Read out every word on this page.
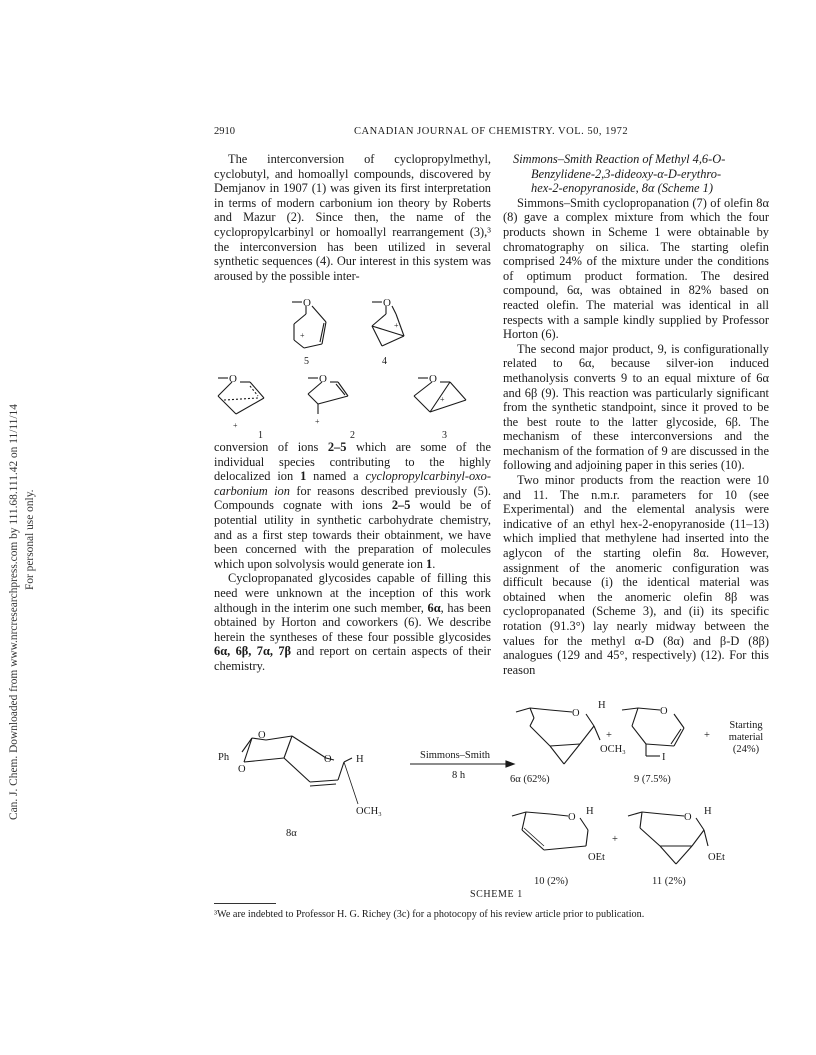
2910	CANADIAN JOURNAL OF CHEMISTRY. VOL. 50, 1972
Can. J. Chem. Downloaded from www.nrcresearchpress.com by 111.68.111.42 on 11/11/14 For personal use only.

The interconversion of cyclopropylmethyl, cyclobutyl, and homoallyl compounds, discovered by Demjanov in 1907 (1) was given its first interpretation in terms of modern carbonium ion theory by Roberts and Mazur (2). Since then, the name of the cyclopropylcarbinyl or homoallyl rearrangement (3),³ the interconversion has been utilized in several synthetic sequences (4). Our interest in this system was aroused by the possible inter-

O
+
O
+
O
+
O
+
O
+
5	4
1	2	3

conversion of ions 2–5 which are some of the individual species contributing to the highly delocalized ion 1 named a cyclopropylcarbinyl-oxo-carbonium ion for reasons described previously (5). Compounds cognate with ions 2–5 would be of potential utility in synthetic carbohydrate chemistry, and as a first step towards their obtainment, we have been concerned with the preparation of molecules which upon solvolysis would generate ion 1.

Cyclopropanated glycosides capable of filling this need were unknown at the inception of this work although in the interim one such member, 6α, has been obtained by Horton and coworkers (6). We describe herein the syntheses of these four possible glycosides 6α, 6β, 7α, 7β and report on certain aspects of their chemistry.

Simmons–Smith Reaction of Methyl 4,6-O-
Benzylidene-2,3-dideoxy-α-D-erythro-
hex-2-enopyranoside, 8α (Scheme 1)

Simmons–Smith cyclopropanation (7) of olefin 8α (8) gave a complex mixture from which the four products shown in Scheme 1 were obtainable by chromatography on silica. The starting olefin comprised 24% of the mixture under the conditions of optimum product formation. The desired compound, 6α, was obtained in 82% based on reacted olefin. The material was identical in all respects with a sample kindly supplied by Professor Horton (6).

The second major product, 9, is configurationally related to 6α, because silver-ion induced methanolysis converts 9 to an equal mixture of 6α and 6β (9). This reaction was particularly significant from the synthetic standpoint, since it proved to be the best route to the latter glycoside, 6β. The mechanism of these interconversions and the mechanism of the formation of 9 are discussed in the following and adjoining paper in this series (10).

Two minor products from the reaction were 10 and 11. The n.m.r. parameters for 10 (see Experimental) and the elemental analysis were indicative of an ethyl hex-2-enopyranoside (11–13) which implied that methylene had inserted into the aglycon of the starting olefin 8α. However, assignment of the anomeric configuration was difficult because (i) the identical material was obtained when the anomeric olefin 8β was cyclopropanated (Scheme 3), and (ii) its specific rotation (91.3°) lay nearly midway between the values for the methyl α-D (8α) and β-D (8β) analogues (129 and 45°, respectively) (12). For this reason

Ph
O
O
O H
OCH₃
8α
Simmons–Smith
8 h
O
H
OCH₃
6α (62%)
+
O
I
9 (7.5%)
+
Starting
material
(24%)
O
H
OEt
10 (2%)
+
O
H
OEt
11 (2%)
SCHEME 1
³We are indebted to Professor H. G. Richey (3c) for a photocopy of his review article prior to publication.
